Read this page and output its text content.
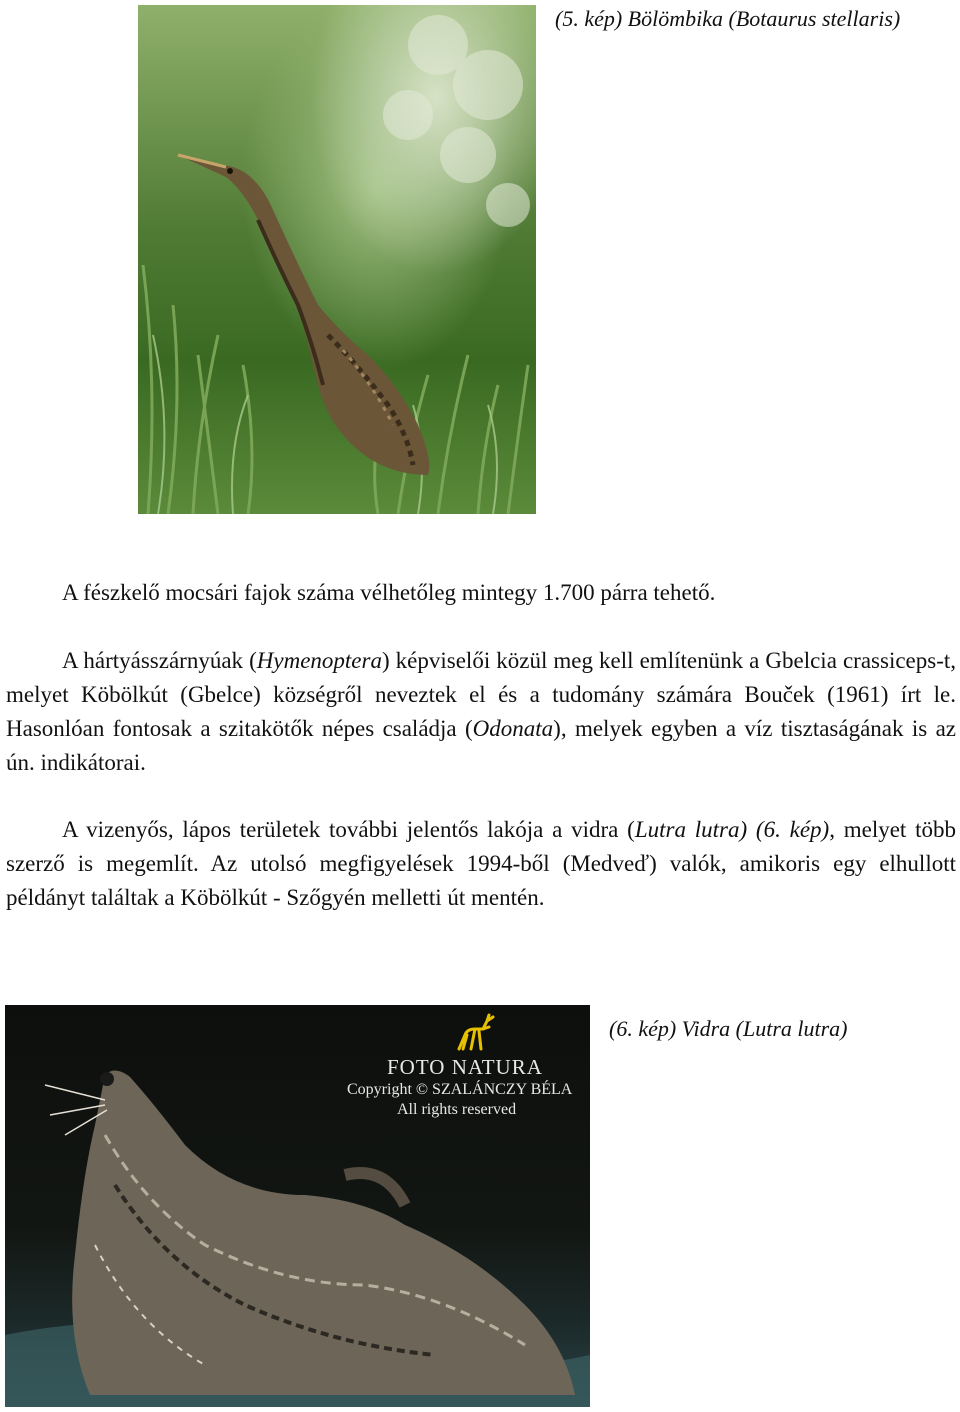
(5. kép) Bölömbika (Botaurus stellaris)

A fészkelő mocsári fajok száma vélhetőleg mintegy 1.700 párra tehető.

A hártyásszárnyúak (Hymenoptera) képviselői közül meg kell említenünk a Gbelcia crassiceps-t, melyet Köbölkút (Gbelce) községről neveztek el és a tudomány számára Bouček (1961) írt le. Hasonlóan fontosak a szitakötők népes családja (Odonata), melyek egyben a víz tisztaságának is az ún. indikátorai.

A vizenyős, lápos területek további jelentős lakója a vidra (Lutra lutra) (6. kép), melyet több szerző is megemlít. Az utolsó megfigyelések 1994-ből (Medveď) valók, amikoris egy elhullott példányt találtak a Köbölkút - Szőgyén melletti út mentén.

FOTO NATURA
Copyright © SZALÁNCZY BÉLA
All rights reserved
(6. kép) Vidra (Lutra lutra)
